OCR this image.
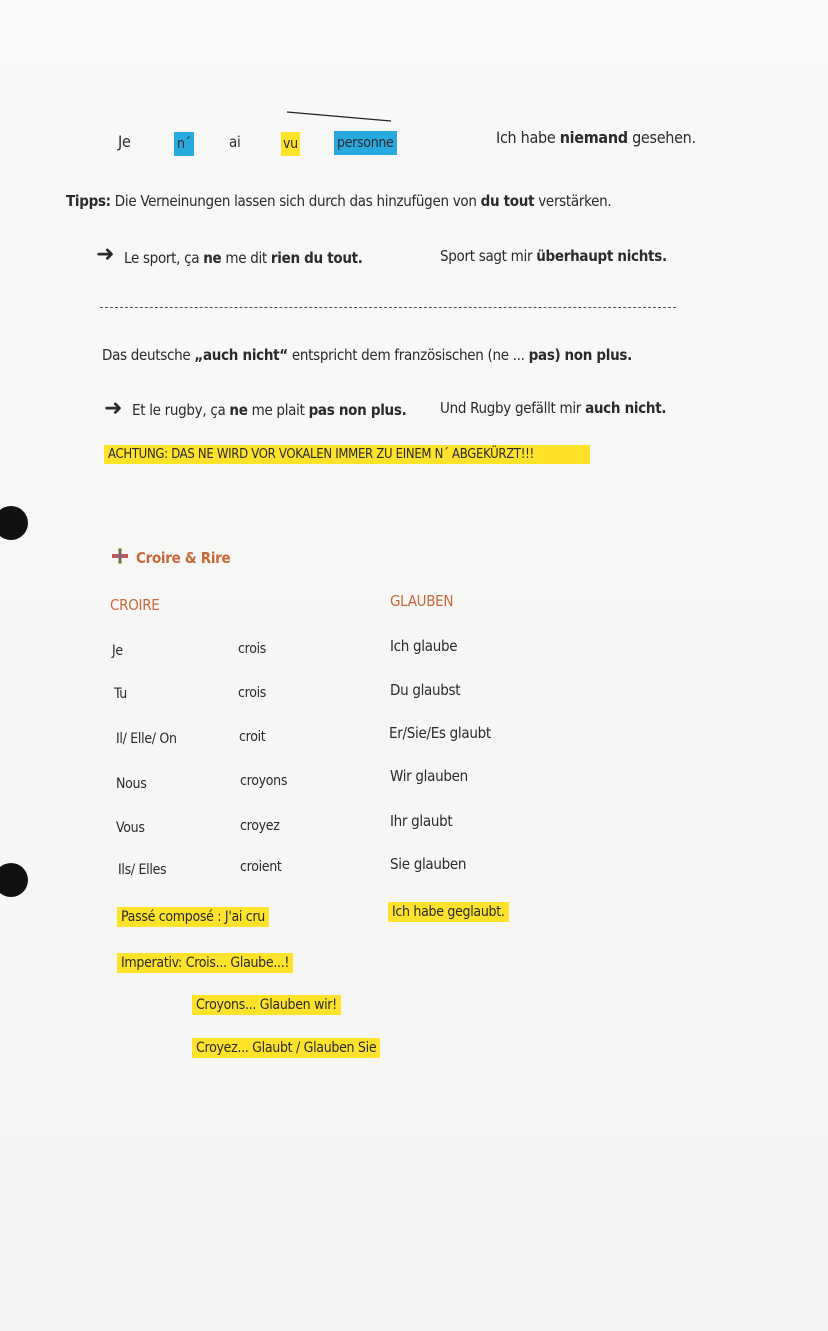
Je	n´	ai	vu	personne	Ich habe niemand gesehen.
Tipps: Die Verneinungen lassen sich durch das hinzufügen von du tout verstärken.
➜ Le sport, ça ne me dit rien du tout.	Sport sagt mir überhaupt nichts.
Das deutsche „auch nicht“ entspricht dem französischen (ne ... pas) non plus.
➜ Et le rugby, ça ne me plait pas non plus. Und Rugby gefällt mir auch nicht.
ACHTUNG: DAS NE WIRD VOR VOKALEN IMMER ZU EINEM N´ ABGEKÜRZT!!!
Croire & Rire
CROIRE	GLAUBEN
Je	crois	Ich glaube
Tu	crois	Du glaubst
Il/ Elle/ On	croit	Er/Sie/Es glaubt
Nous	croyons	Wir glauben
Vous	croyez	Ihr glaubt
Ils/ Elles	croient	Sie glauben
Passé composé : J'ai cru	Ich habe geglaubt.
Imperativ: Crois... Glaube...!
Croyons... Glauben wir!
Croyez... Glaubt / Glauben Sie
